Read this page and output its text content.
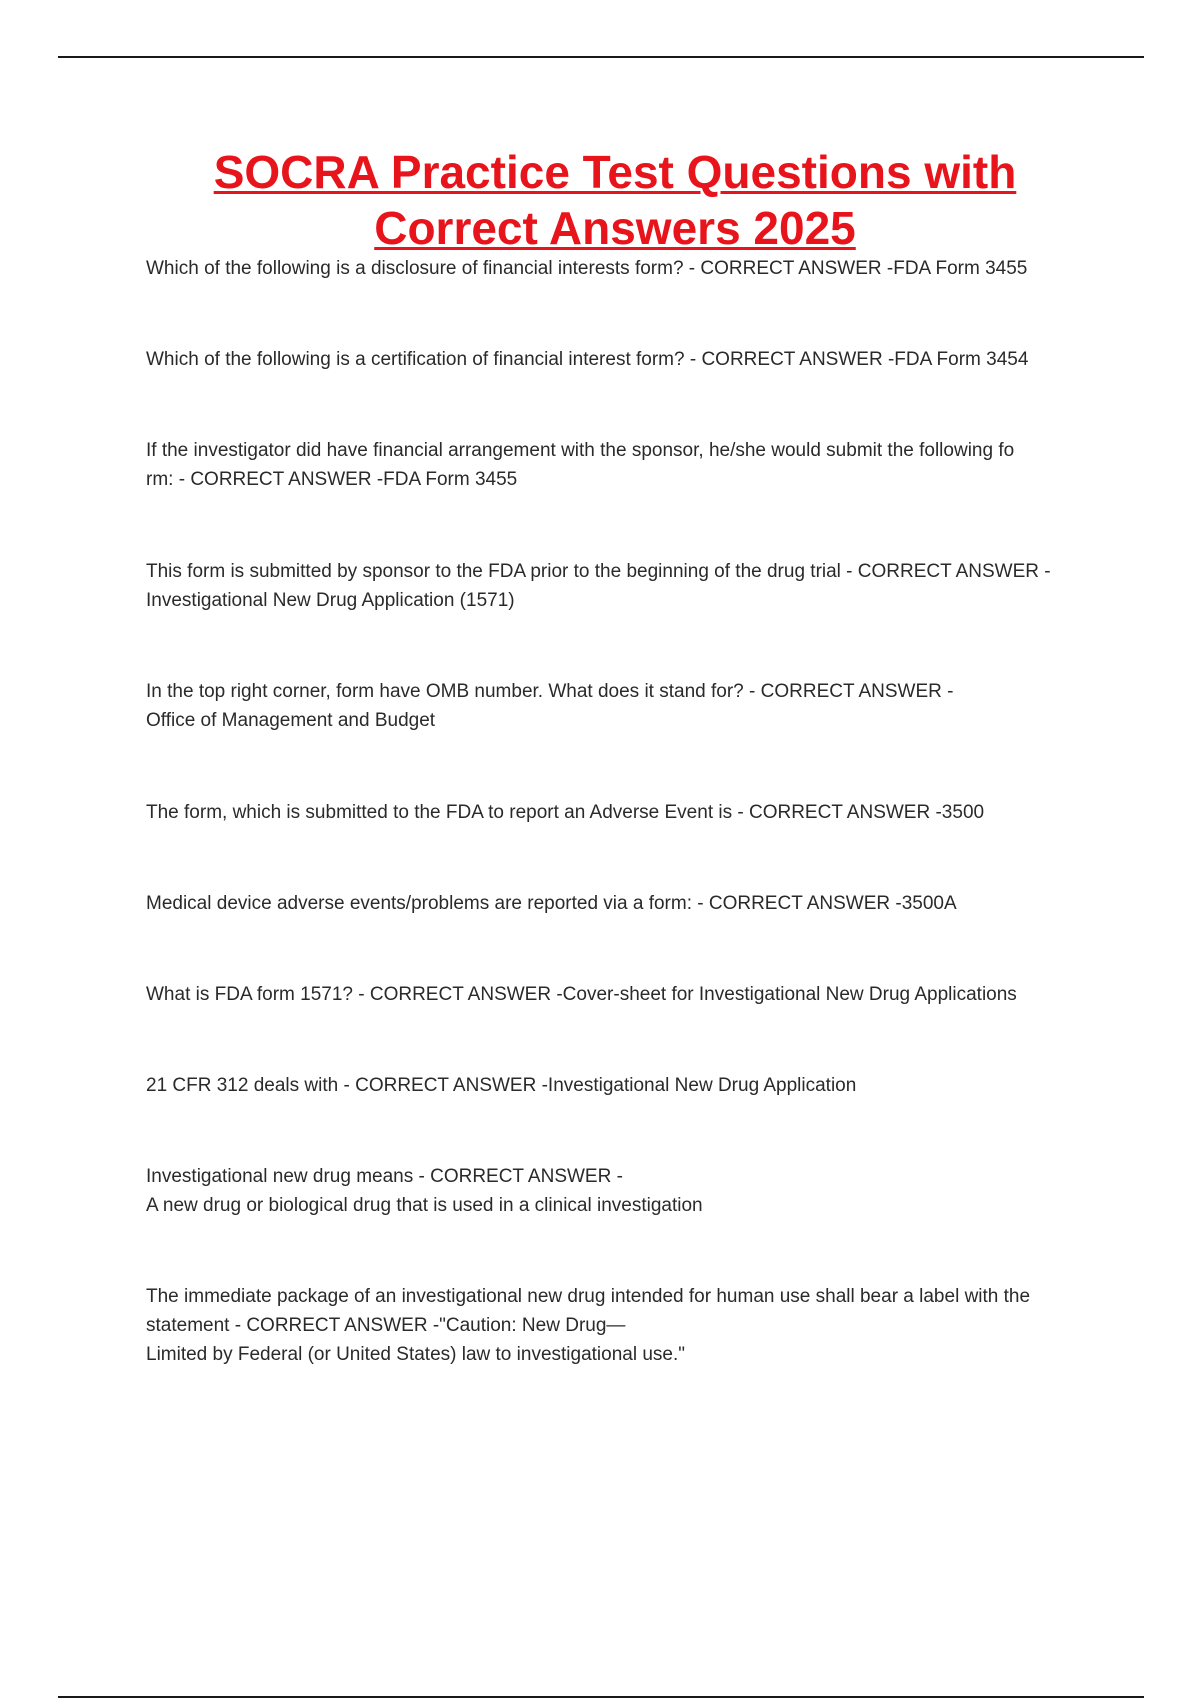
SOCRA Practice Test Questions with
Correct Answers 2025

Which of the following is a disclosure of financial interests form? - CORRECT ANSWER -FDA Form 3455

Which of the following is a certification of financial interest form? - CORRECT ANSWER -FDA Form 3454

If the investigator did have financial arrangement with the sponsor, he/she would submit the following fo
rm: - CORRECT ANSWER -FDA Form 3455

This form is submitted by sponsor to the FDA prior to the beginning of the drug trial - CORRECT ANSWER -
Investigational New Drug Application (1571)

In the top right corner, form have OMB number. What does it stand for? - CORRECT ANSWER -
Office of Management and Budget

The form, which is submitted to the FDA to report an Adverse Event is - CORRECT ANSWER -3500

Medical device adverse events/problems are reported via a form: - CORRECT ANSWER -3500A

What is FDA form 1571? - CORRECT ANSWER -Cover-sheet for Investigational New Drug Applications

21 CFR 312 deals with - CORRECT ANSWER -Investigational New Drug Application

Investigational new drug means - CORRECT ANSWER -
A new drug or biological drug that is used in a clinical investigation

The immediate package of an investigational new drug intended for human use shall bear a label with the
statement - CORRECT ANSWER -"Caution: New Drug—
Limited by Federal (or United States) law to investigational use."
